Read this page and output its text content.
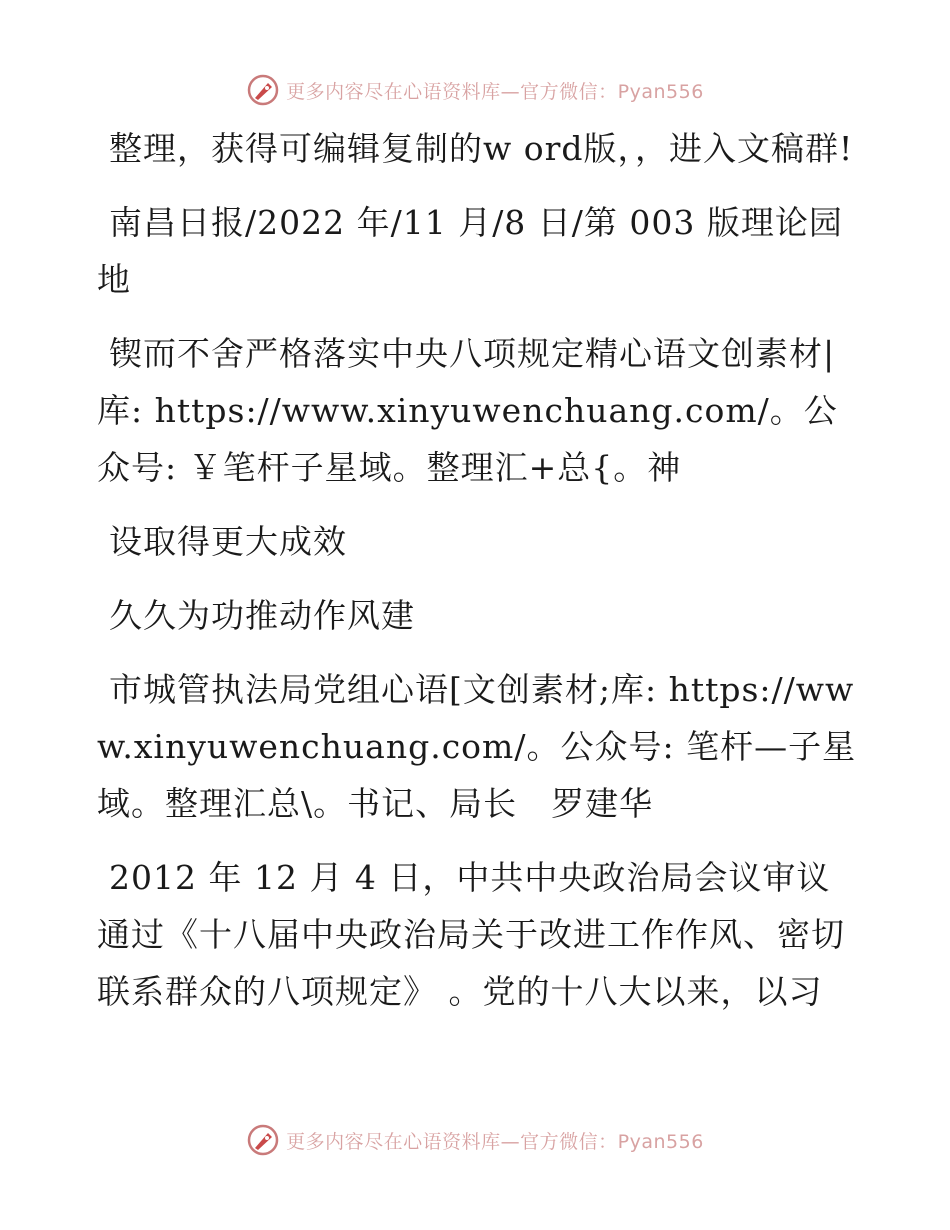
更多内容尽在心语资料库—官方微信：Pyan556

整理，获得可编辑复制的w ord版，，进入文稿群!

南昌日报/2022 年/11 月/8 日/第 003 版理论园地

锲而不舍严格落实中央八项规定精心语文创素材|库: https://www.xinyuwenchuang.com/。公众号: ￥笔杆子星域。整理汇+总{。神

设取得更大成效

久久为功推动作风建

市城管执法局党组心语[文创素材;库: https://www.xinyuwenchuang.com/。公众号: 笔杆—子星域。整理汇总\。书记、局长　罗建华

2012 年 12 月 4 日，中共中央政治局会议审议通过《十八届中央政治局关于改进工作作风、密切联系群众的八项规定》 。党的十八大以来，以习

更多内容尽在心语资料库—官方微信：Pyan556
